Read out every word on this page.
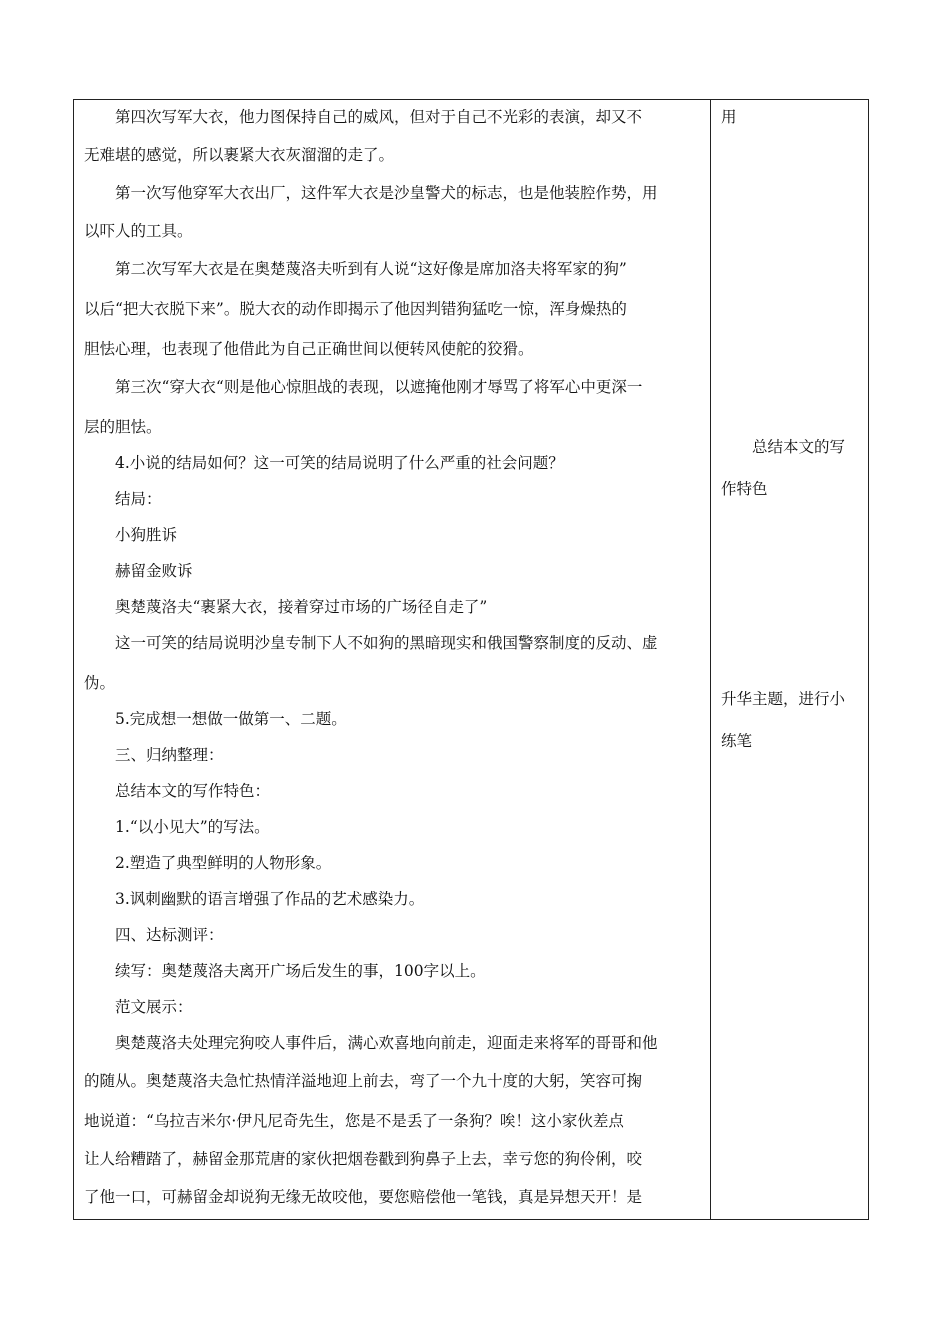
　　第四次写军大衣，他力图保持自己的威风，但对于自己不光彩的表演，却又不

无难堪的感觉，所以裹紧大衣灰溜溜的走了。

　　第一次写他穿军大衣出厂，这件军大衣是沙皇警犬的标志，也是他装腔作势，用

以吓人的工具。

　　第二次写军大衣是在奥楚蔑洛夫听到有人说“这好像是席加洛夫将军家的狗”

以后“把大衣脱下来”。脱大衣的动作即揭示了他因判错狗猛吃一惊，浑身燥热的

胆怯心理，也表现了他借此为自己正确世间以便转风使舵的狡猾。

　　第三次“穿大衣“则是他心惊胆战的表现，以遮掩他刚才辱骂了将军心中更深一

层的胆怯。

　　4.小说的结局如何？这一可笑的结局说明了什么严重的社会问题？

　　结局：

　　小狗胜诉

　　赫留金败诉

　　奥楚蔑洛夫“裹紧大衣，接着穿过市场的广场径自走了”

　　这一可笑的结局说明沙皇专制下人不如狗的黑暗现实和俄国警察制度的反动、虚

伪。

　　5.完成想一想做一做第一、二题。

　　三、归纳整理：

　　总结本文的写作特色：

　　1.“以小见大”的写法。

　　2.塑造了典型鲜明的人物形象。

　　3.讽刺幽默的语言增强了作品的艺术感染力。

　　四、达标测评：

　　续写：奥楚蔑洛夫离开广场后发生的事，100字以上。

　　范文展示：

　　奥楚蔑洛夫处理完狗咬人事件后，满心欢喜地向前走，迎面走来将军的哥哥和他

的随从。奥楚蔑洛夫急忙热情洋溢地迎上前去，弯了一个九十度的大躬，笑容可掬

地说道：“乌拉吉米尔·伊凡尼奇先生，您是不是丢了一条狗？唉！这小家伙差点

让人给糟踏了，赫留金那荒唐的家伙把烟卷戳到狗鼻子上去，幸亏您的狗伶俐，咬

了他一口，可赫留金却说狗无缘无故咬他，要您赔偿他一笔钱，真是异想天开！是

用

　　总结本文的写

作特色

升华主题，进行小

练笔
